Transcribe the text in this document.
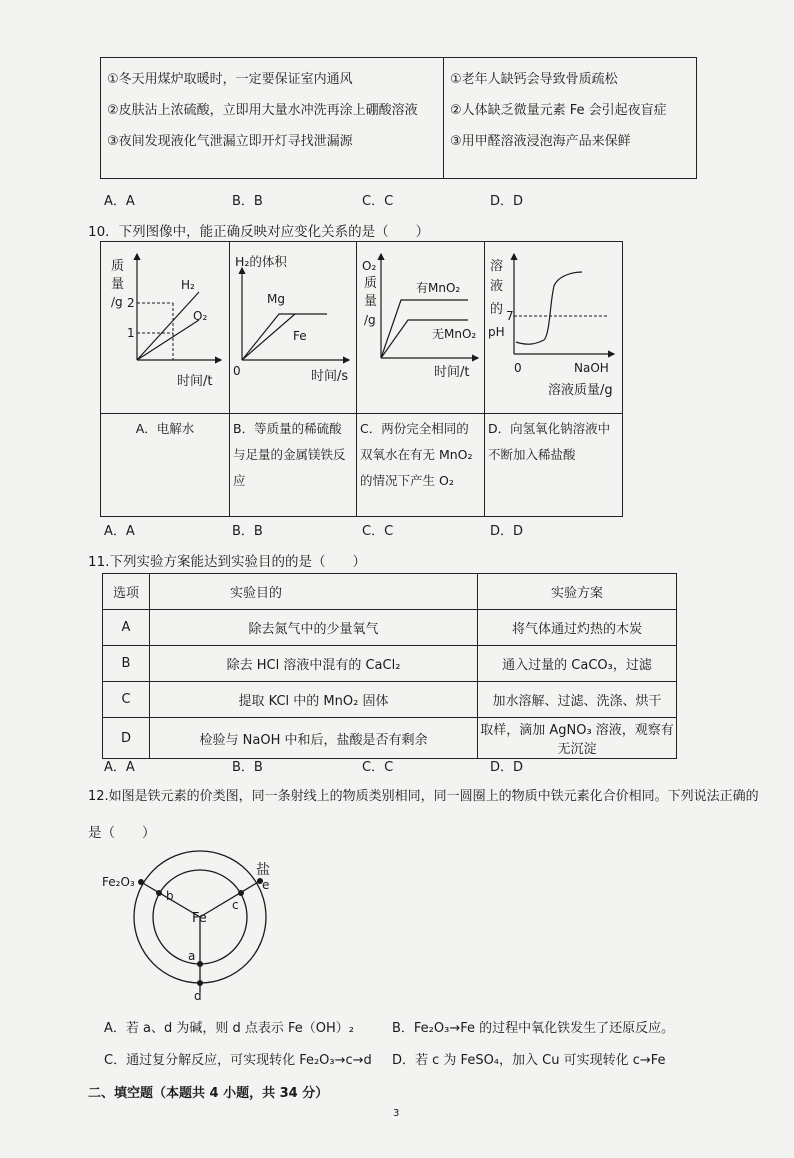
①冬天用煤炉取暖时，一定要保证室内通风
②皮肤沾上浓硫酸，立即用大量水冲洗再涂上硼酸溶液
③夜间发现液化气泄漏立即开灯寻找泄漏源

①老年人缺钙会导致骨质疏松
②人体缺乏微量元素 Fe 会引起夜盲症
③用甲醛溶液浸泡海产品来保鲜
A．A	B．B	C．C	D．D
10．下列图像中，能正确反映对应变化关系的是（　　）
质
量
/g 2
1
H₂
O₂
时间/t
H₂的体积
Mg
Fe
0	时间/s
O₂
质
量
/g
有MnO₂
无MnO₂
时间/t
溶
液
的
pH
7
0	NaOH
溶液质量/g
A．电解水	B．等质量的稀硫酸与足量的金属镁铁反应
C．两份完全相同的双氧水在有无 MnO₂ 的情况下产生 O₂
D．向氢氧化钠溶液中不断加入稀盐酸
A．A	B．B	C．C	D．D
11.下列实验方案能达到实验目的的是（　　）
选项	实验目的	实验方案
A	除去氮气中的少量氧气	将气体通过灼热的木炭
B	除去 HCl 溶液中混有的 CaCl₂	通入过量的 CaCO₃，过滤
C	提取 KCl 中的 MnO₂ 固体	加水溶解、过滤、洗涤、烘干
D	检验与 NaOH 中和后，盐酸是否有剩余	取样，滴加 AgNO₃ 溶液，观察有无沉淀
A．A	B．B	C．C	D．D
12.如图是铁元素的价类图，同一条射线上的物质类别相同，同一圆圈上的物质中铁元素化合价相同。下列说法正确的
是（　　）
Fe₂O₃
盐
Fe
a
b
c
d
e
A．若 a、d 为碱，则 d 点表示 Fe（OH）₂	B．Fe₂O₃→Fe 的过程中氧化铁发生了还原反应。
C．通过复分解反应，可实现转化 Fe₂O₃→c→d D．若 c 为 FeSO₄，加入 Cu 可实现转化 c→Fe
二、填空题（本题共 4 小题，共 34 分）
3
